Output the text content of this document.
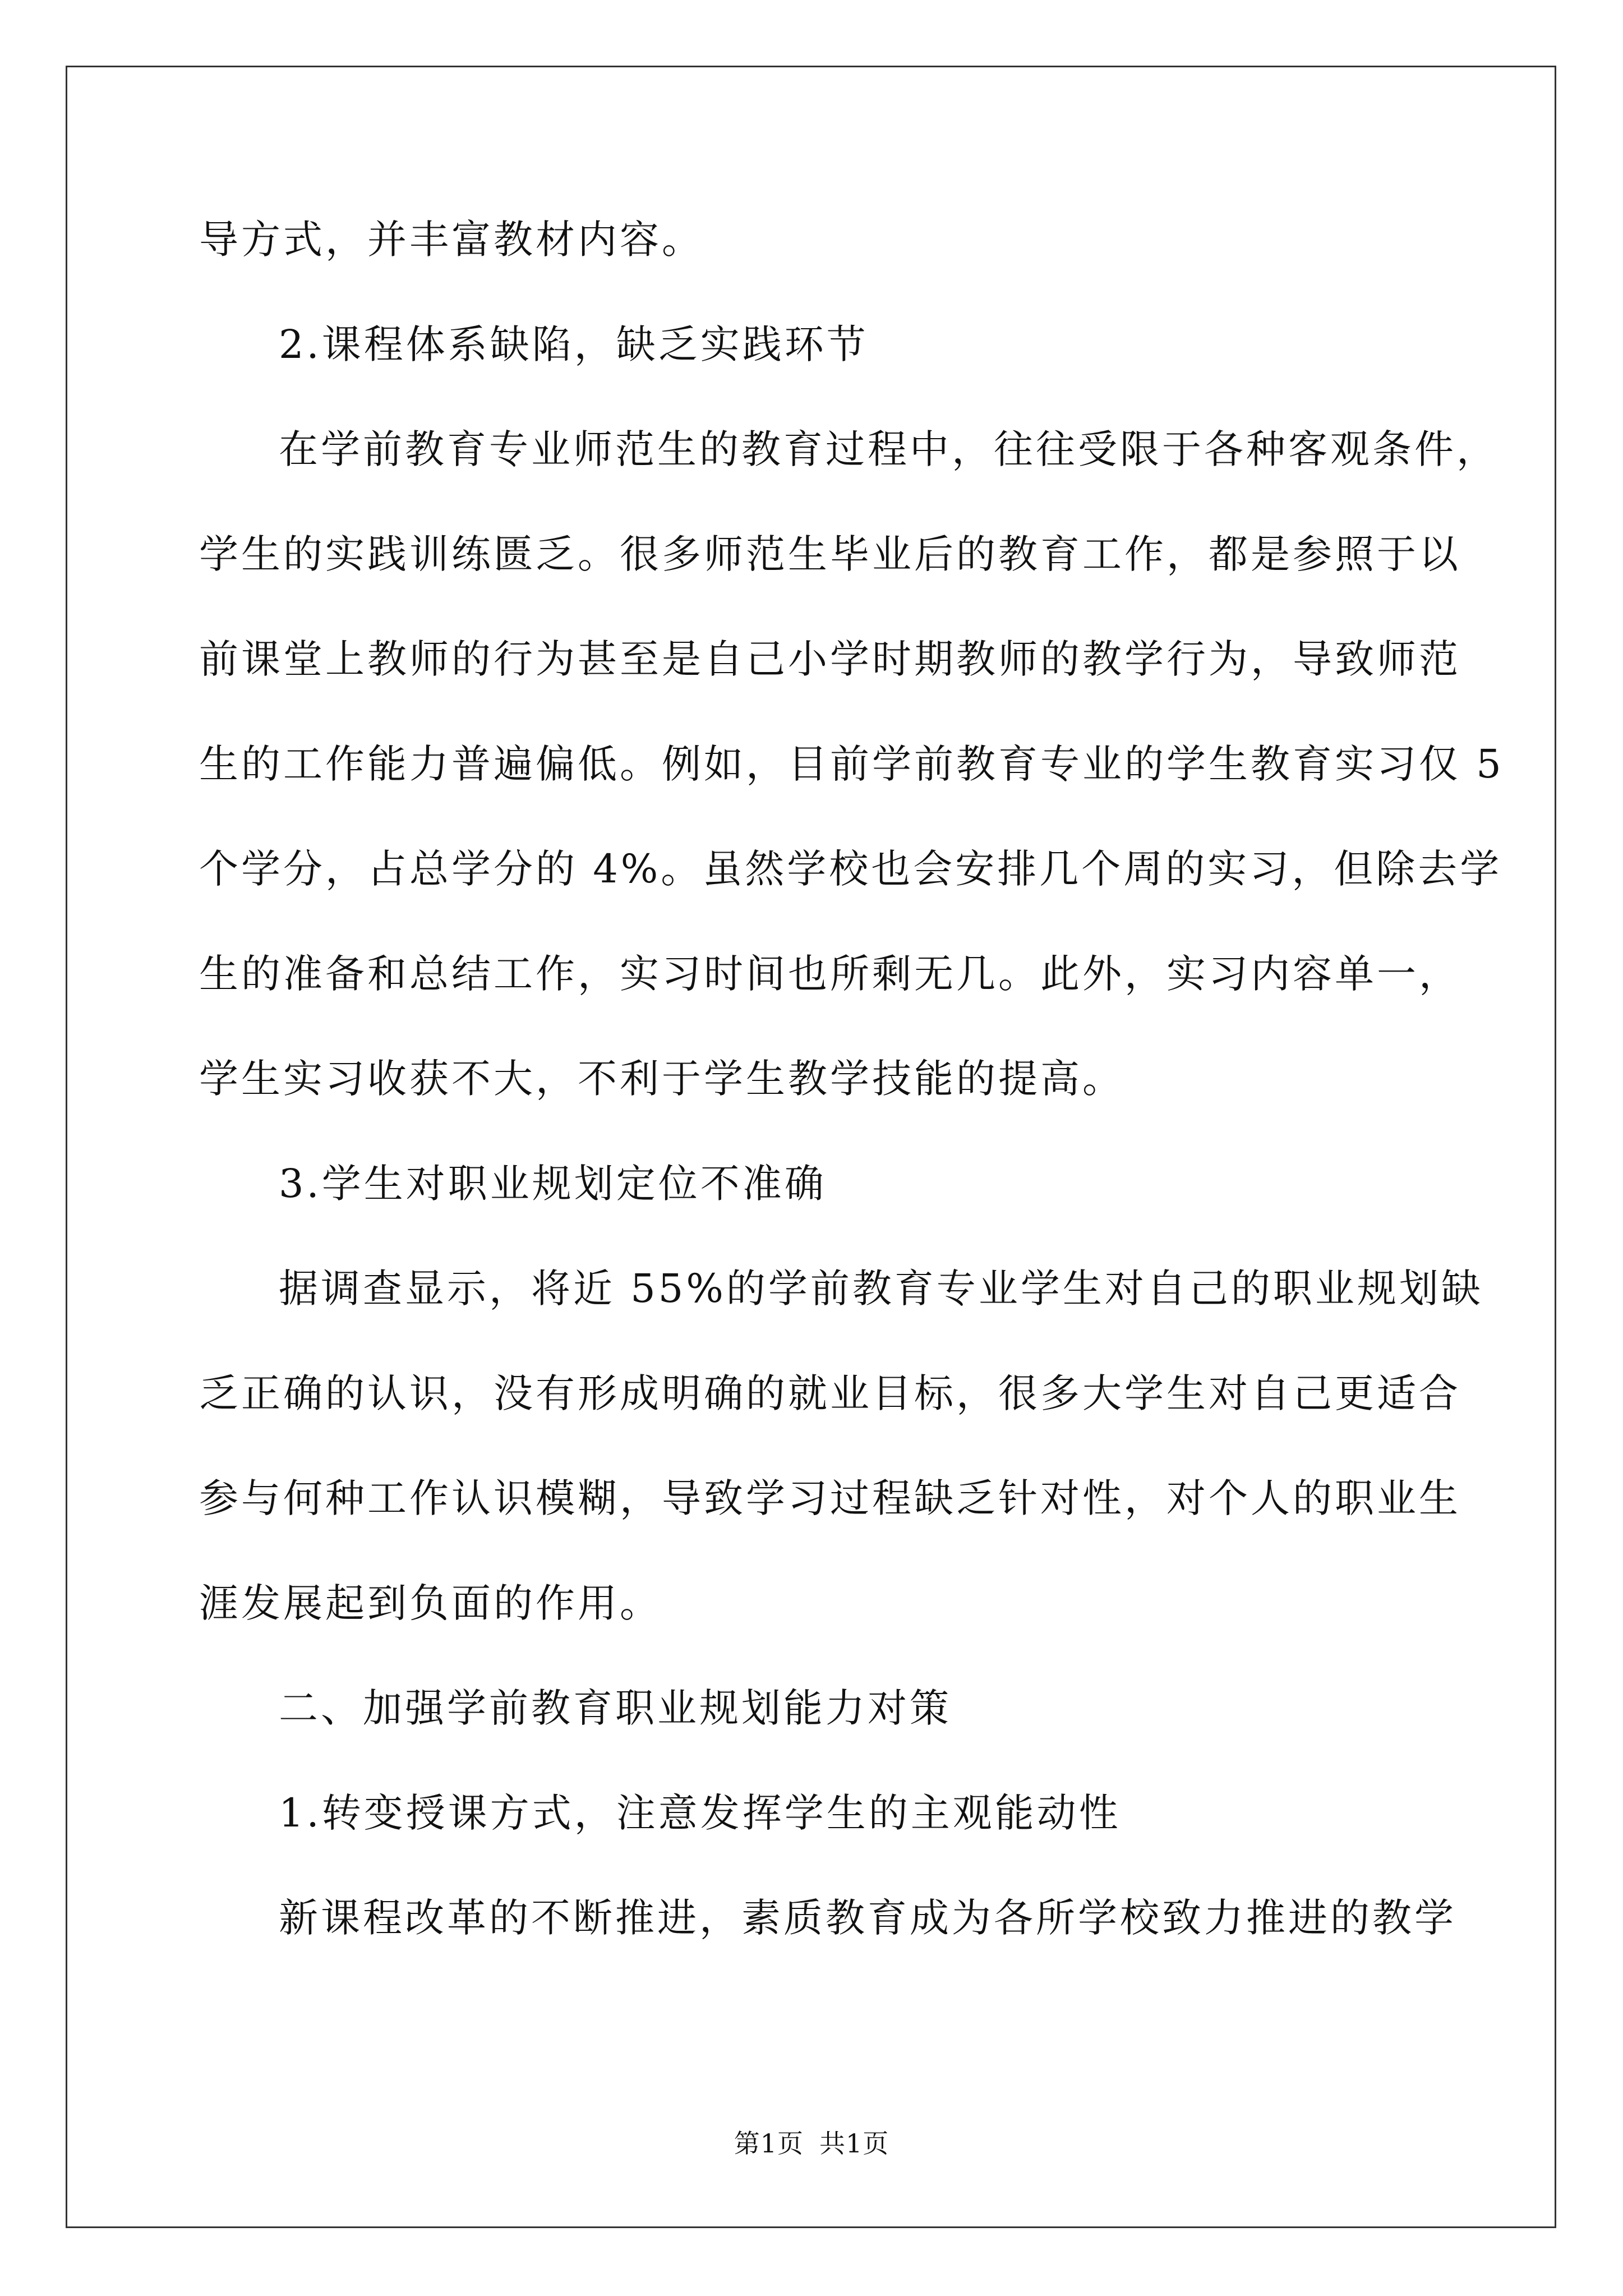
导方式，并丰富教材内容。
2.课程体系缺陷，缺乏实践环节
在学前教育专业师范生的教育过程中，往往受限于各种客观条件，
学生的实践训练匮乏。很多师范生毕业后的教育工作，都是参照于以
前课堂上教师的行为甚至是自己小学时期教师的教学行为，导致师范
生的工作能力普遍偏低。例如，目前学前教育专业的学生教育实习仅 5
个学分，占总学分的 4%。虽然学校也会安排几个周的实习，但除去学
生的准备和总结工作，实习时间也所剩无几。此外，实习内容单一，
学生实习收获不大，不利于学生教学技能的提高。
3.学生对职业规划定位不准确
据调查显示，将近 55%的学前教育专业学生对自己的职业规划缺
乏正确的认识，没有形成明确的就业目标，很多大学生对自己更适合
参与何种工作认识模糊，导致学习过程缺乏针对性，对个人的职业生
涯发展起到负面的作用。
二、加强学前教育职业规划能力对策
1.转变授课方式，注意发挥学生的主观能动性
新课程改革的不断推进，素质教育成为各所学校致力推进的教学
第1页 共1页
